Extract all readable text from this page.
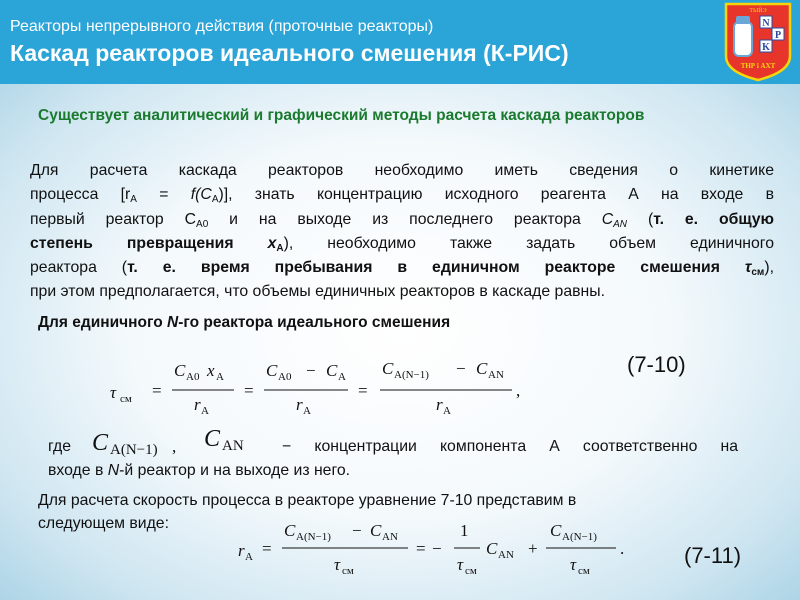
Реакторы непрерывного действия (проточные реакторы)
Каскад реакторов идеального смешения (К-РИС)
ТЫЙЭ
N
P
K
ТНР і АХТ
Существует аналитический и графический методы расчета каскада реакторов
Для расчета каскада реакторов необходимо иметь сведения о кинетике
процесса $[r_А = f(C_A)]$, знать концентрацию исходного реагента А на входе в
первый реактор $C_{A0}$ и на выходе из последнего реактора $C_{AN}$ (т. е. общую
степень превращения $x_A$), необходимо также задать объем единичного
реактора (т. е. время пребывания в единичном реакторе смешения $\tau_{см}$),
при этом предполагается, что объемы единичных реакторов в каскаде равны.
Для единичного N-го реактора идеального смешения
τ см =
C A0 x A
r A
=
C A0 − C A
r A
=
C A(N−1) − C AN
r A
,
(7-10)
где C A(N−1) , C AN − концентрации компонента А соответственно на
входе в N-й реактор и на выходе из него.
Для расчета скорость процесса в реакторе уравнение 7-10 представим в
следующем виде:
r A =
C A(N−1) − C AN
τ см
= −
1
τ см
C AN +
C A(N−1)
τ см
.	(7-11)
